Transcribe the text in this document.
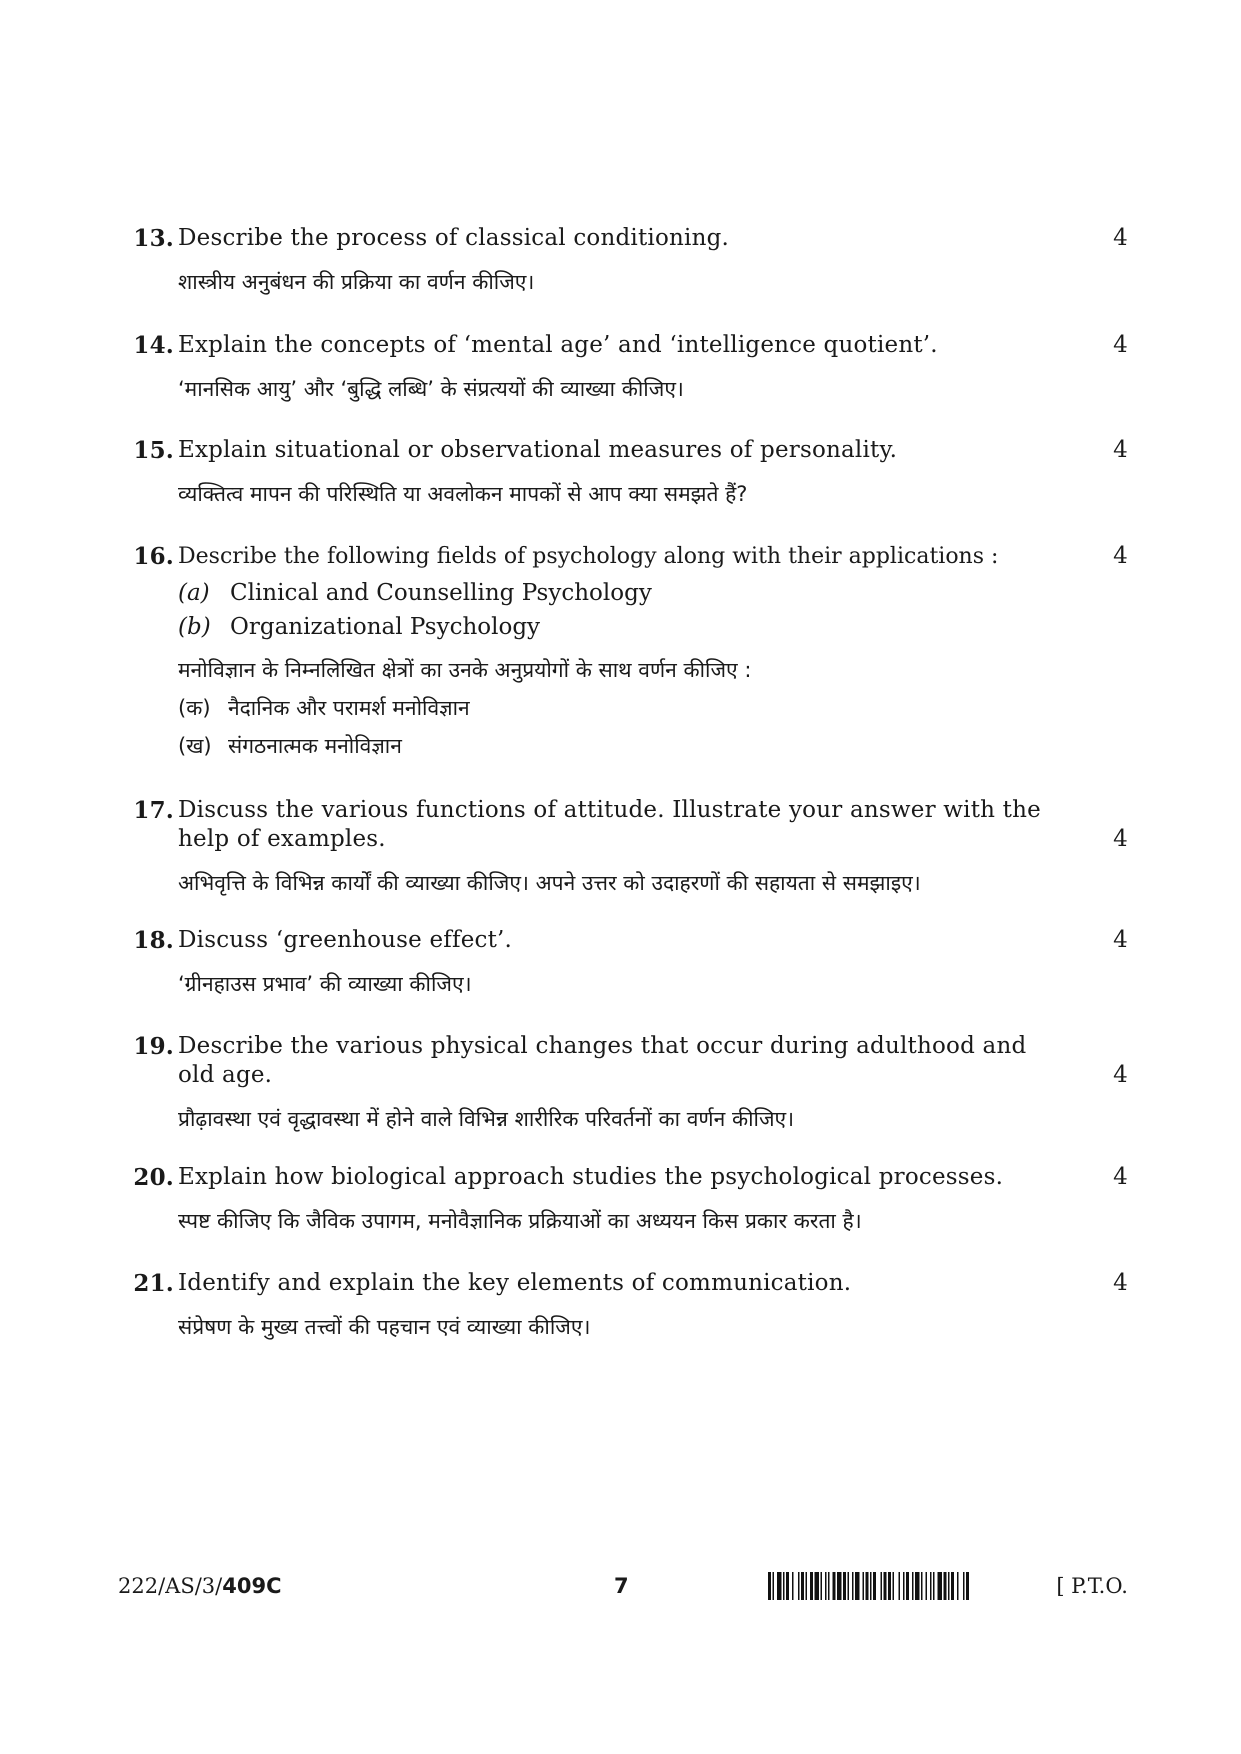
13. Describe the process of classical conditioning.	4
शास्त्रीय अनुबंधन की प्रक्रिया का वर्णन कीजिए।
14. Explain the concepts of ‘mental age’ and ‘intelligence quotient’.	4
‘मानसिक आयु’ और ‘बुद्धि लब्धि’ के संप्रत्ययों की व्याख्या कीजिए।
15. Explain situational or observational measures of personality.	4
व्यक्तित्व मापन की परिस्थिति या अवलोकन मापकों से आप क्या समझते हैं?
16. Describe the following fields of psychology along with their applications :	4
(a) Clinical and Counselling Psychology
(b) Organizational Psychology
मनोविज्ञान के निम्नलिखित क्षेत्रों का उनके अनुप्रयोगों के साथ वर्णन कीजिए :
(क) नैदानिक और परामर्श मनोविज्ञान
(ख) संगठनात्मक मनोविज्ञान
17. Discuss the various functions of attitude. Illustrate your answer with the help of examples.	4
अभिवृत्ति के विभिन्न कार्यों की व्याख्या कीजिए। अपने उत्तर को उदाहरणों की सहायता से समझाइए।
18. Discuss ‘greenhouse effect’.	4
‘ग्रीनहाउस प्रभाव’ की व्याख्या कीजिए।
19. Describe the various physical changes that occur during adulthood and old age.	4
प्रौढ़ावस्था एवं वृद्धावस्था में होने वाले विभिन्न शारीरिक परिवर्तनों का वर्णन कीजिए।
20. Explain how biological approach studies the psychological processes.	4
स्पष्ट कीजिए कि जैविक उपागम, मनोवैज्ञानिक प्रक्रियाओं का अध्ययन किस प्रकार करता है।
21. Identify and explain the key elements of communication.	4
संप्रेषण के मुख्य तत्त्वों की पहचान एवं व्याख्या कीजिए।
222/AS/3/409C	7	[ P.T.O.
